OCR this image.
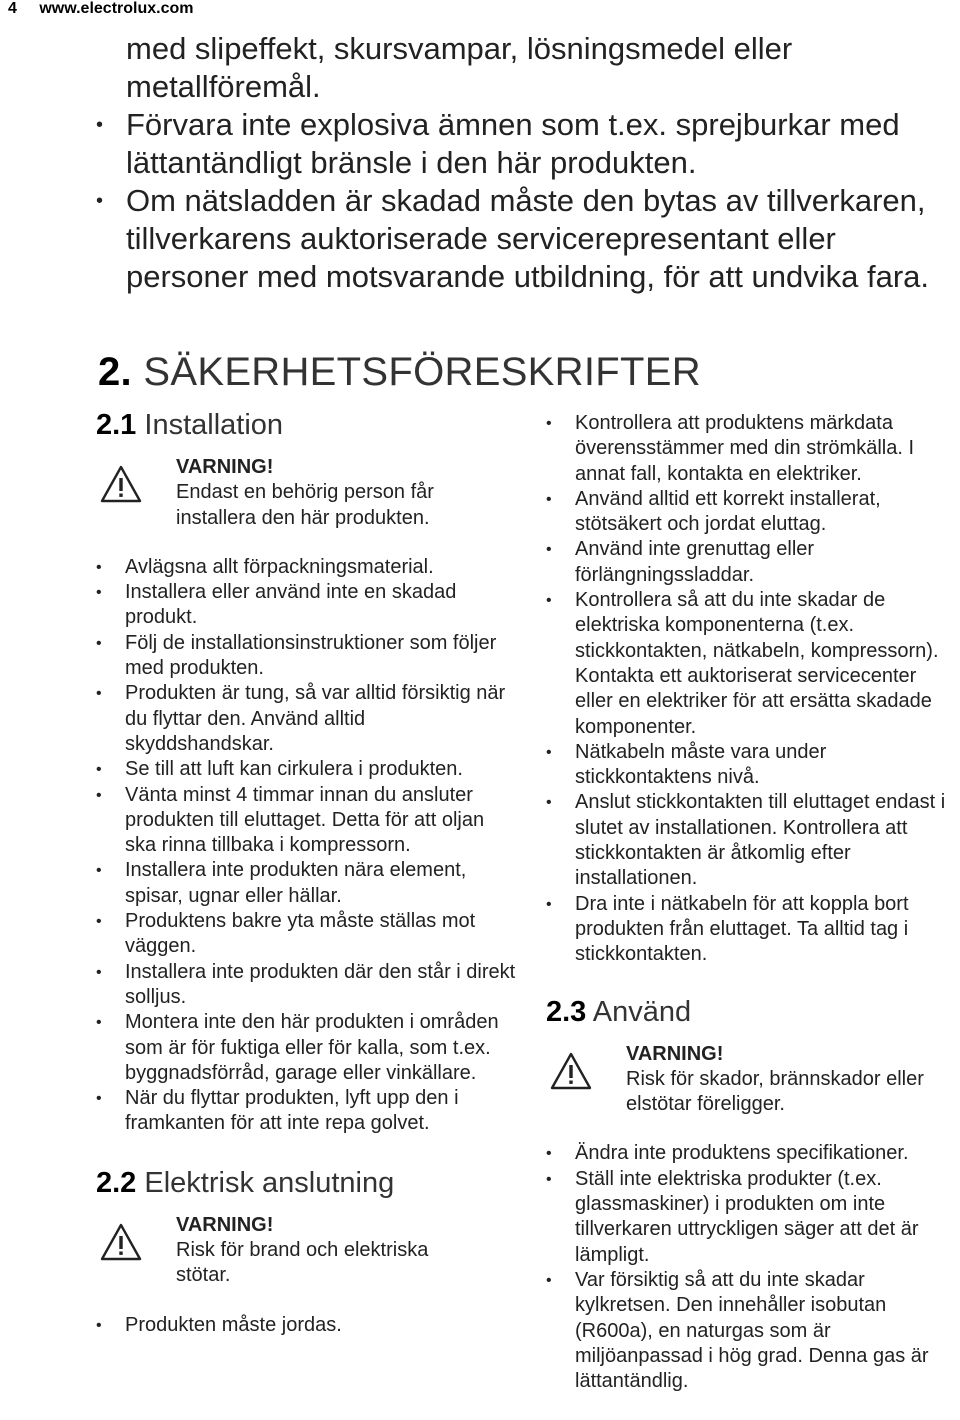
4 www.electrolux.com

med slipeffekt, skursvampar, lösningsmedel eller metallföremål.

• Förvara inte explosiva ämnen som t.ex. sprejburkar med lättantändligt bränsle i den här produkten.
• Om nätsladden är skadad måste den bytas av tillverkaren, tillverkarens auktoriserade servicerepresentant eller personer med motsvarande utbildning, för att undvika fara.
2. SÄKERHETSFÖRESKRIFTER
2.1 Installation
VARNING!
Endast en behörig person får installera den här produkten.
• Avlägsna allt förpackningsmaterial.
• Installera eller använd inte en skadad produkt.
• Följ de installationsinstruktioner som följer med produkten.
• Produkten är tung, så var alltid försiktig när du flyttar den. Använd alltid skyddshandskar.
• Se till att luft kan cirkulera i produkten.
• Vänta minst 4 timmar innan du ansluter produkten till eluttaget. Detta för att oljan ska rinna tillbaka i kompressorn.
• Installera inte produkten nära element, spisar, ugnar eller hällar.
• Produktens bakre yta måste ställas mot väggen.
• Installera inte produkten där den står i direkt solljus.
• Montera inte den här produkten i områden som är för fuktiga eller för kalla, som t.ex. byggnadsförråd, garage eller vinkällare.
• När du flyttar produkten, lyft upp den i framkanten för att inte repa golvet.
2.2 Elektrisk anslutning
VARNING!
Risk för brand och elektriska stötar.
• Produkten måste jordas.
• Kontrollera att produktens märkdata överensstämmer med din strömkälla. I annat fall, kontakta en elektriker.
• Använd alltid ett korrekt installerat, stötsäkert och jordat eluttag.
• Använd inte grenuttag eller förlängningssladdar.
• Kontrollera så att du inte skadar de elektriska komponenterna (t.ex. stickkontakten, nätkabeln, kompressorn). Kontakta ett auktoriserat servicecenter eller en elektriker för att ersätta skadade komponenter.
• Nätkabeln måste vara under stickkontaktens nivå.
• Anslut stickkontakten till eluttaget endast i slutet av installationen. Kontrollera att stickkontakten är åtkomlig efter installationen.
• Dra inte i nätkabeln för att koppla bort produkten från eluttaget. Ta alltid tag i stickkontakten.
2.3 Använd
VARNING!
Risk för skador, brännskador eller elstötar föreligger.
• Ändra inte produktens specifikationer.
• Ställ inte elektriska produkter (t.ex. glassmaskiner) i produkten om inte tillverkaren uttryckligen säger att det är lämpligt.
• Var försiktig så att du inte skadar kylkretsen. Den innehåller isobutan (R600a), en naturgas som är miljöanpassad i hög grad. Denna gas är lättantändlig.
